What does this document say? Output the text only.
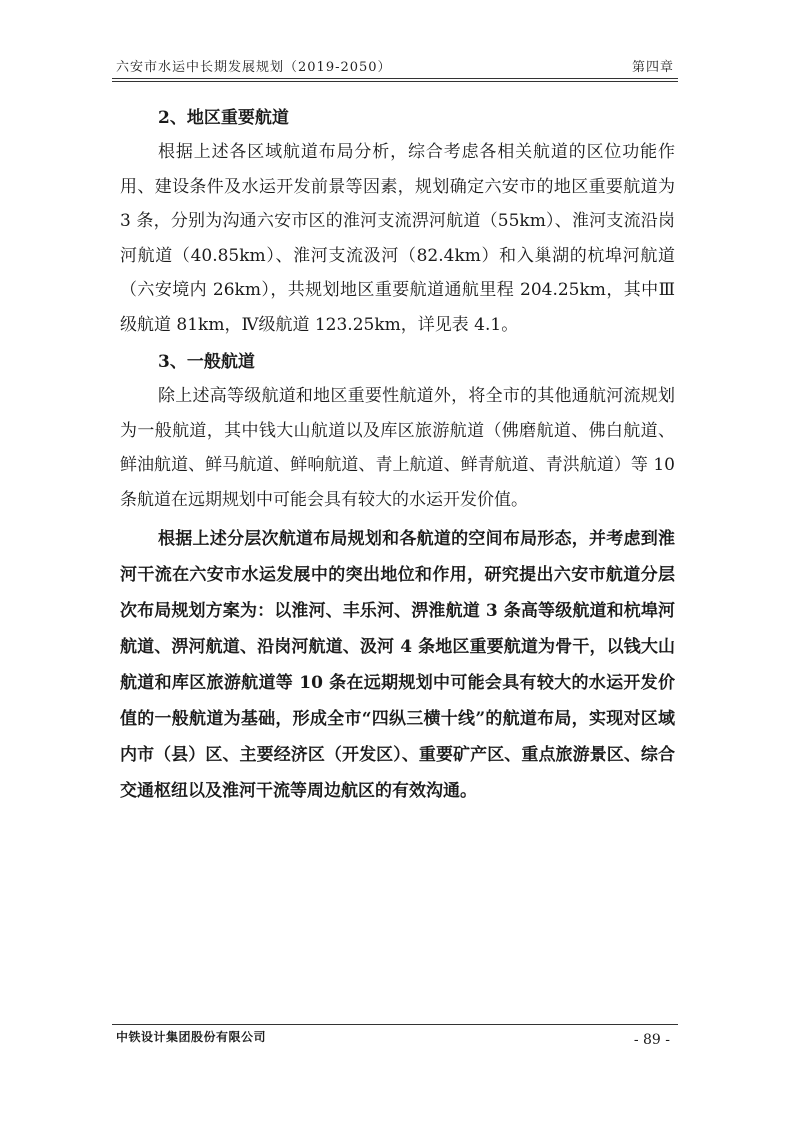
六安市水运中长期发展规划（2019-2050）	第四章

2、地区重要航道

根据上述各区域航道布局分析，综合考虑各相关航道的区位功能作用、建设条件及水运开发前景等因素，规划确定六安市的地区重要航道为 3 条，分别为沟通六安市区的淮河支流淠河航道（55km）、淮河支流沿岗河航道（40.85km）、淮河支流汲河（82.4km）和入巢湖的杭埠河航道（六安境内 26km），共规划地区重要航道通航里程 204.25km，其中Ⅲ级航道 81km，Ⅳ级航道 123.25km，详见表 4.1。

3、一般航道

除上述高等级航道和地区重要性航道外，将全市的其他通航河流规划为一般航道，其中钱大山航道以及库区旅游航道（佛磨航道、佛白航道、鲜油航道、鲜马航道、鲜响航道、青上航道、鲜青航道、青洪航道）等 10 条航道在远期规划中可能会具有较大的水运开发价值。

根据上述分层次航道布局规划和各航道的空间布局形态，并考虑到淮河干流在六安市水运发展中的突出地位和作用，研究提出六安市航道分层次布局规划方案为：以淮河、丰乐河、淠淮航道 3 条高等级航道和杭埠河航道、淠河航道、沿岗河航道、汲河 4 条地区重要航道为骨干，以钱大山航道和库区旅游航道等 10 条在远期规划中可能会具有较大的水运开发价值的一般航道为基础，形成全市“四纵三横十线”的航道布局，实现对区域内市（县）区、主要经济区（开发区）、重要矿产区、重点旅游景区、综合交通枢纽以及淮河干流等周边航区的有效沟通。

中铁设计集团股份有限公司	- 89 -
